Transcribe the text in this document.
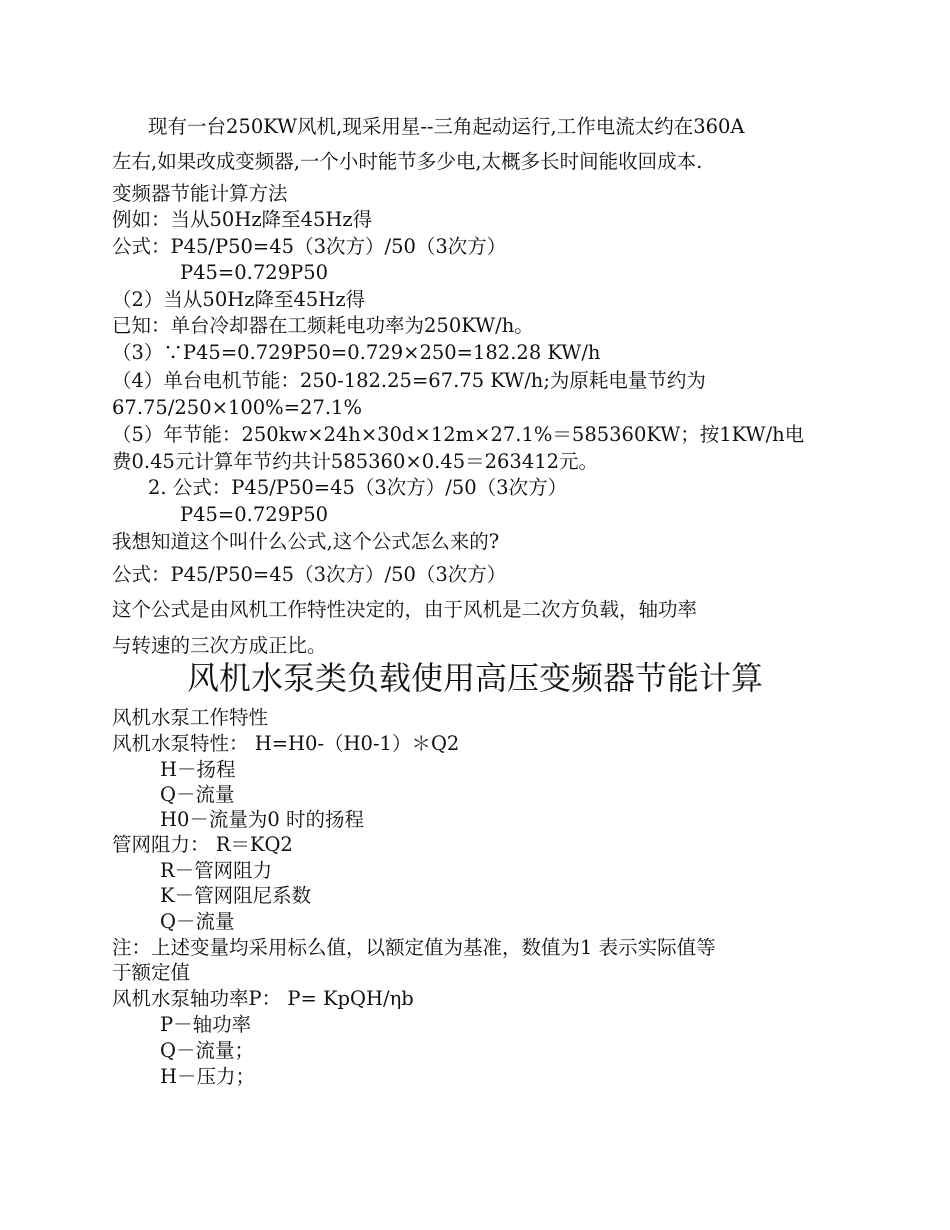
现有一台250KW风机,现采用星--三角起动运行,工作电流太约在360A
左右,如果改成变频器,一个小时能节多少电,太概多长时间能收回成本.
变频器节能计算方法
例如：当从50Hz降至45Hz得
公式：P45/P50=45（3次方）/50（3次方）
P45=0.729P50
（2）当从50Hz降至45Hz得
已知：单台冷却器在工频耗电功率为250KW/h。
（3）∵P45=0.729P50=0.729×250=182.28 KW/h
（4）单台电机节能：250-182.25=67.75 KW/h;为原耗电量节约为
67.75/250×100%=27.1%
（5）年节能：250kw×24h×30d×12m×27.1%＝585360KW；按1KW/h电
费0.45元计算年节约共计585360×0.45＝263412元。
2. 公式：P45/P50=45（3次方）/50（3次方）
P45=0.729P50
我想知道这个叫什么公式,这个公式怎么来的?
公式：P45/P50=45（3次方）/50（3次方）
这个公式是由风机工作特性决定的，由于风机是二次方负载，轴功率
与转速的三次方成正比。
风机水泵类负载使用高压变频器节能计算
风机水泵工作特性
风机水泵特性： H=H0-（H0-1）＊Q2
H－扬程
Q－流量
H0－流量为0 时的扬程
管网阻力： R＝KQ2
R－管网阻力
K－管网阻尼系数
Q－流量
注：上述变量均采用标么值，以额定值为基准，数值为1 表示实际值等
于额定值
风机水泵轴功率P： P= KpQH/ηb
P－轴功率
Q－流量；
H－压力；
